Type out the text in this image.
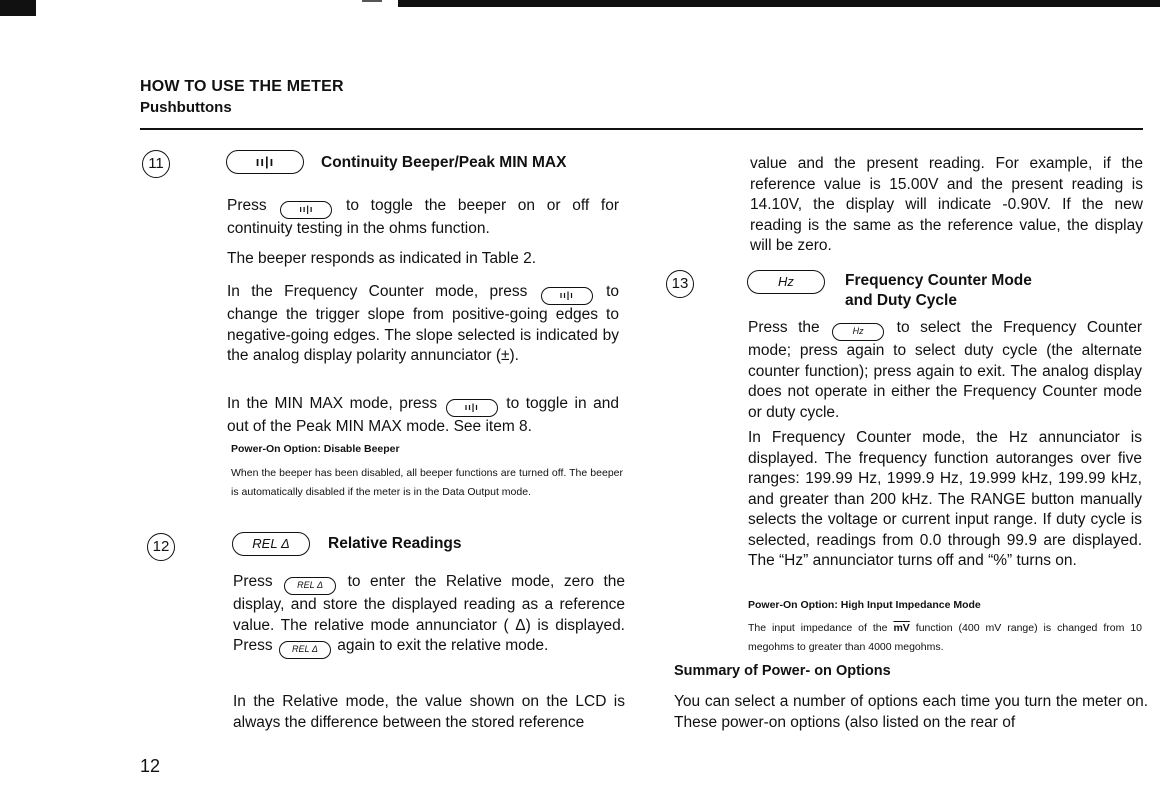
HOW TO USE THE METER
Pushbuttons
11	 ıı|ı 	Continuity Beeper/Peak MIN MAX
Press	 ıı|ı  to toggle the beeper on or off for continuity testing in the ohms function.
The beeper responds as indicated in Table 2.
In the Frequency Counter mode, press	 ıı|ı  to change the trigger slope from positive-going edges to negative-going edges. The slope selected is indicated by the analog display polarity annunciator (±).
In the MIN MAX mode, press	 ıı|ı  to toggle in and out of the Peak MIN MAX mode. See item 8.
Power-On Option: Disable Beeper
When the beeper has been disabled, all beeper functions are turned off. The beeper is automatically disabled if the meter is in the Data Output mode.
12	REL Δ	Relative Readings
Press	REL Δ to enter the Relative mode, zero the display, and store the displayed reading as a reference value. The relative mode annunciator ( Δ) is displayed. Press REL Δ again to exit the relative mode.
In the Relative mode, the value shown on the LCD is always the difference between the stored reference
value and the present reading. For example, if the reference value is 15.00V and the present reading is 14.10V, the display will indicate -0.90V. If the new reading is the same as the reference value, the display will be zero.
13	Hz	Frequency Counter Mode
and Duty Cycle
Press the	Hz to select the Frequency Counter mode; press again to select duty cycle (the alternate counter function); press again to exit. The analog display does not operate in either the Frequency Counter mode or duty cycle.
In Frequency Counter mode, the Hz annunciator is displayed. The frequency function autoranges over five ranges: 199.99 Hz, 1999.9 Hz, 19.999 kHz, 199.99 kHz, and greater than 200 kHz. The RANGE button manually selects the voltage or current input range. If duty cycle is selected, readings from 0.0 through 99.9 are displayed. The “Hz” annunciator turns off and “%” turns on.
Power-On Option: High Input Impedance Mode
The input impedance of the $\overline{mV}$ function (400 mV range) is changed from 10 megohms to greater than 4000 megohms.
Summary of Power- on Options
You can select a number of options each time you turn the meter on. These power-on options (also listed on the rear of
12
